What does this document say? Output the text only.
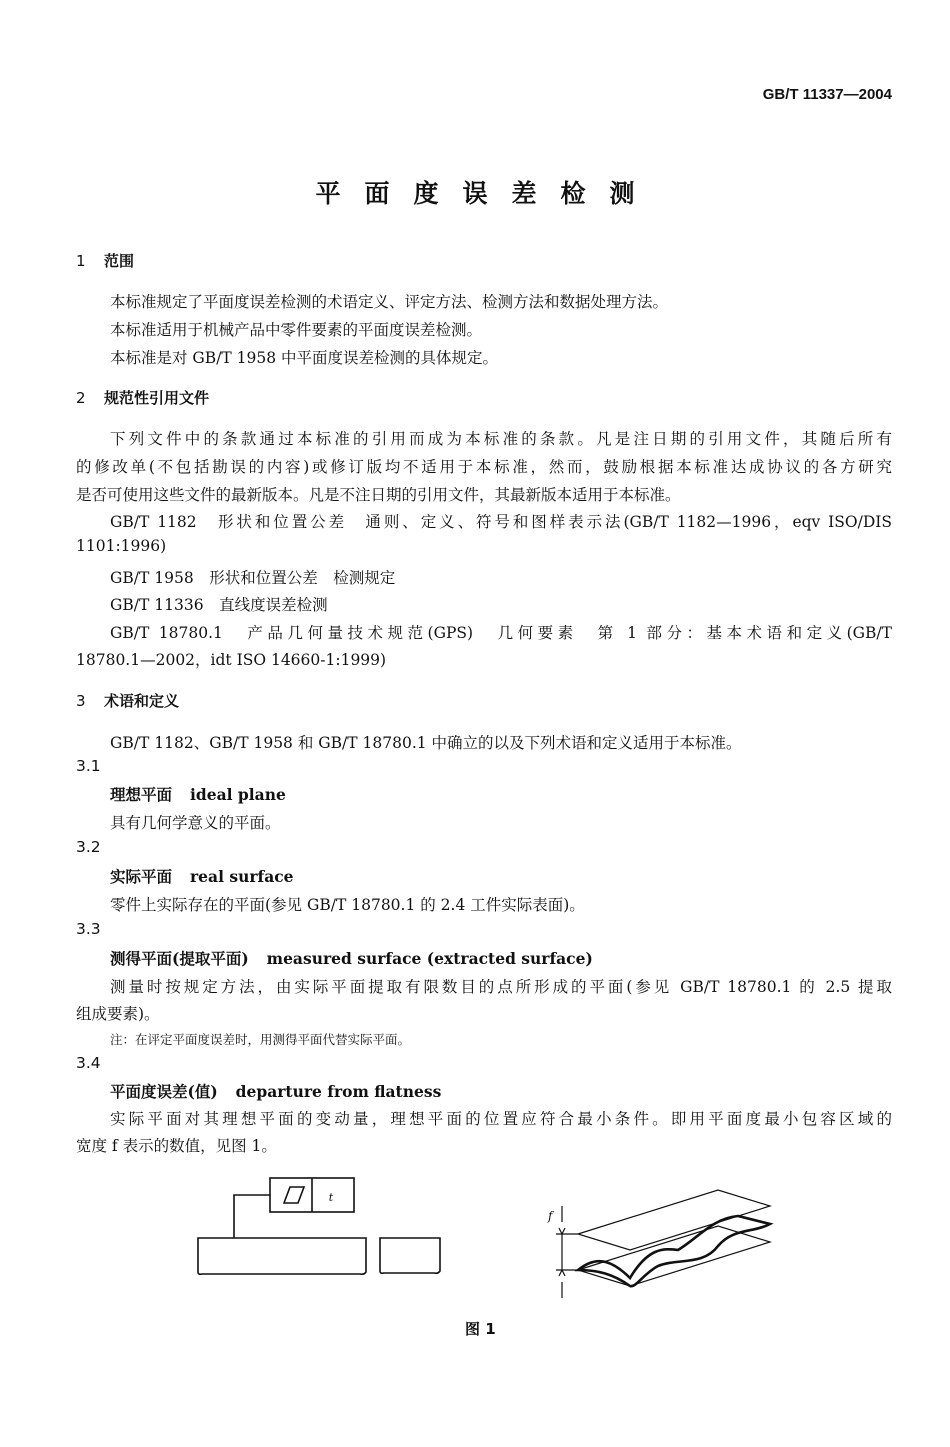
GB/T 11337—2004
平面度误差检测
1 范围
本标准规定了平面度误差检测的术语定义、评定方法、检测方法和数据处理方法。
本标准适用于机械产品中零件要素的平面度误差检测。
本标准是对 GB/T 1958 中平面度误差检测的具体规定。
2 规范性引用文件
下列文件中的条款通过本标准的引用而成为本标准的条款。凡是注日期的引用文件，其随后所有
的修改单(不包括勘误的内容)或修订版均不适用于本标准，然而，鼓励根据本标准达成协议的各方研究
是否可使用这些文件的最新版本。凡是不注日期的引用文件，其最新版本适用于本标准。
GB/T 1182　形状和位置公差　通则、定义、符号和图样表示法(GB/T 1182—1996，eqv ISO/DIS
1101:1996)
GB/T 1958　形状和位置公差　检测规定
GB/T 11336　直线度误差检测
GB/T 18780.1　产品几何量技术规范(GPS)　几何要素　第 1 部分：基本术语和定义(GB/T
18780.1—2002，idt ISO 14660-1:1999)
3 术语和定义
GB/T 1182、GB/T 1958 和 GB/T 18780.1 中确立的以及下列术语和定义适用于本标准。
3.1
理想平面 ideal plane
具有几何学意义的平面。
3.2
实际平面 real surface
零件上实际存在的平面(参见 GB/T 18780.1 的 2.4 工件实际表面)。
3.3
测得平面(提取平面) measured surface (extracted surface)
测量时按规定方法，由实际平面提取有限数目的点所形成的平面(参见 GB/T 18780.1 的 2.5 提取
组成要素)。
注：在评定平面度误差时，用测得平面代替实际平面。
3.4
平面度误差(值) departure from flatness
实际平面对其理想平面的变动量，理想平面的位置应符合最小条件。即用平面度最小包容区域的
宽度 f 表示的数值，见图 1。
t
f
图 1
